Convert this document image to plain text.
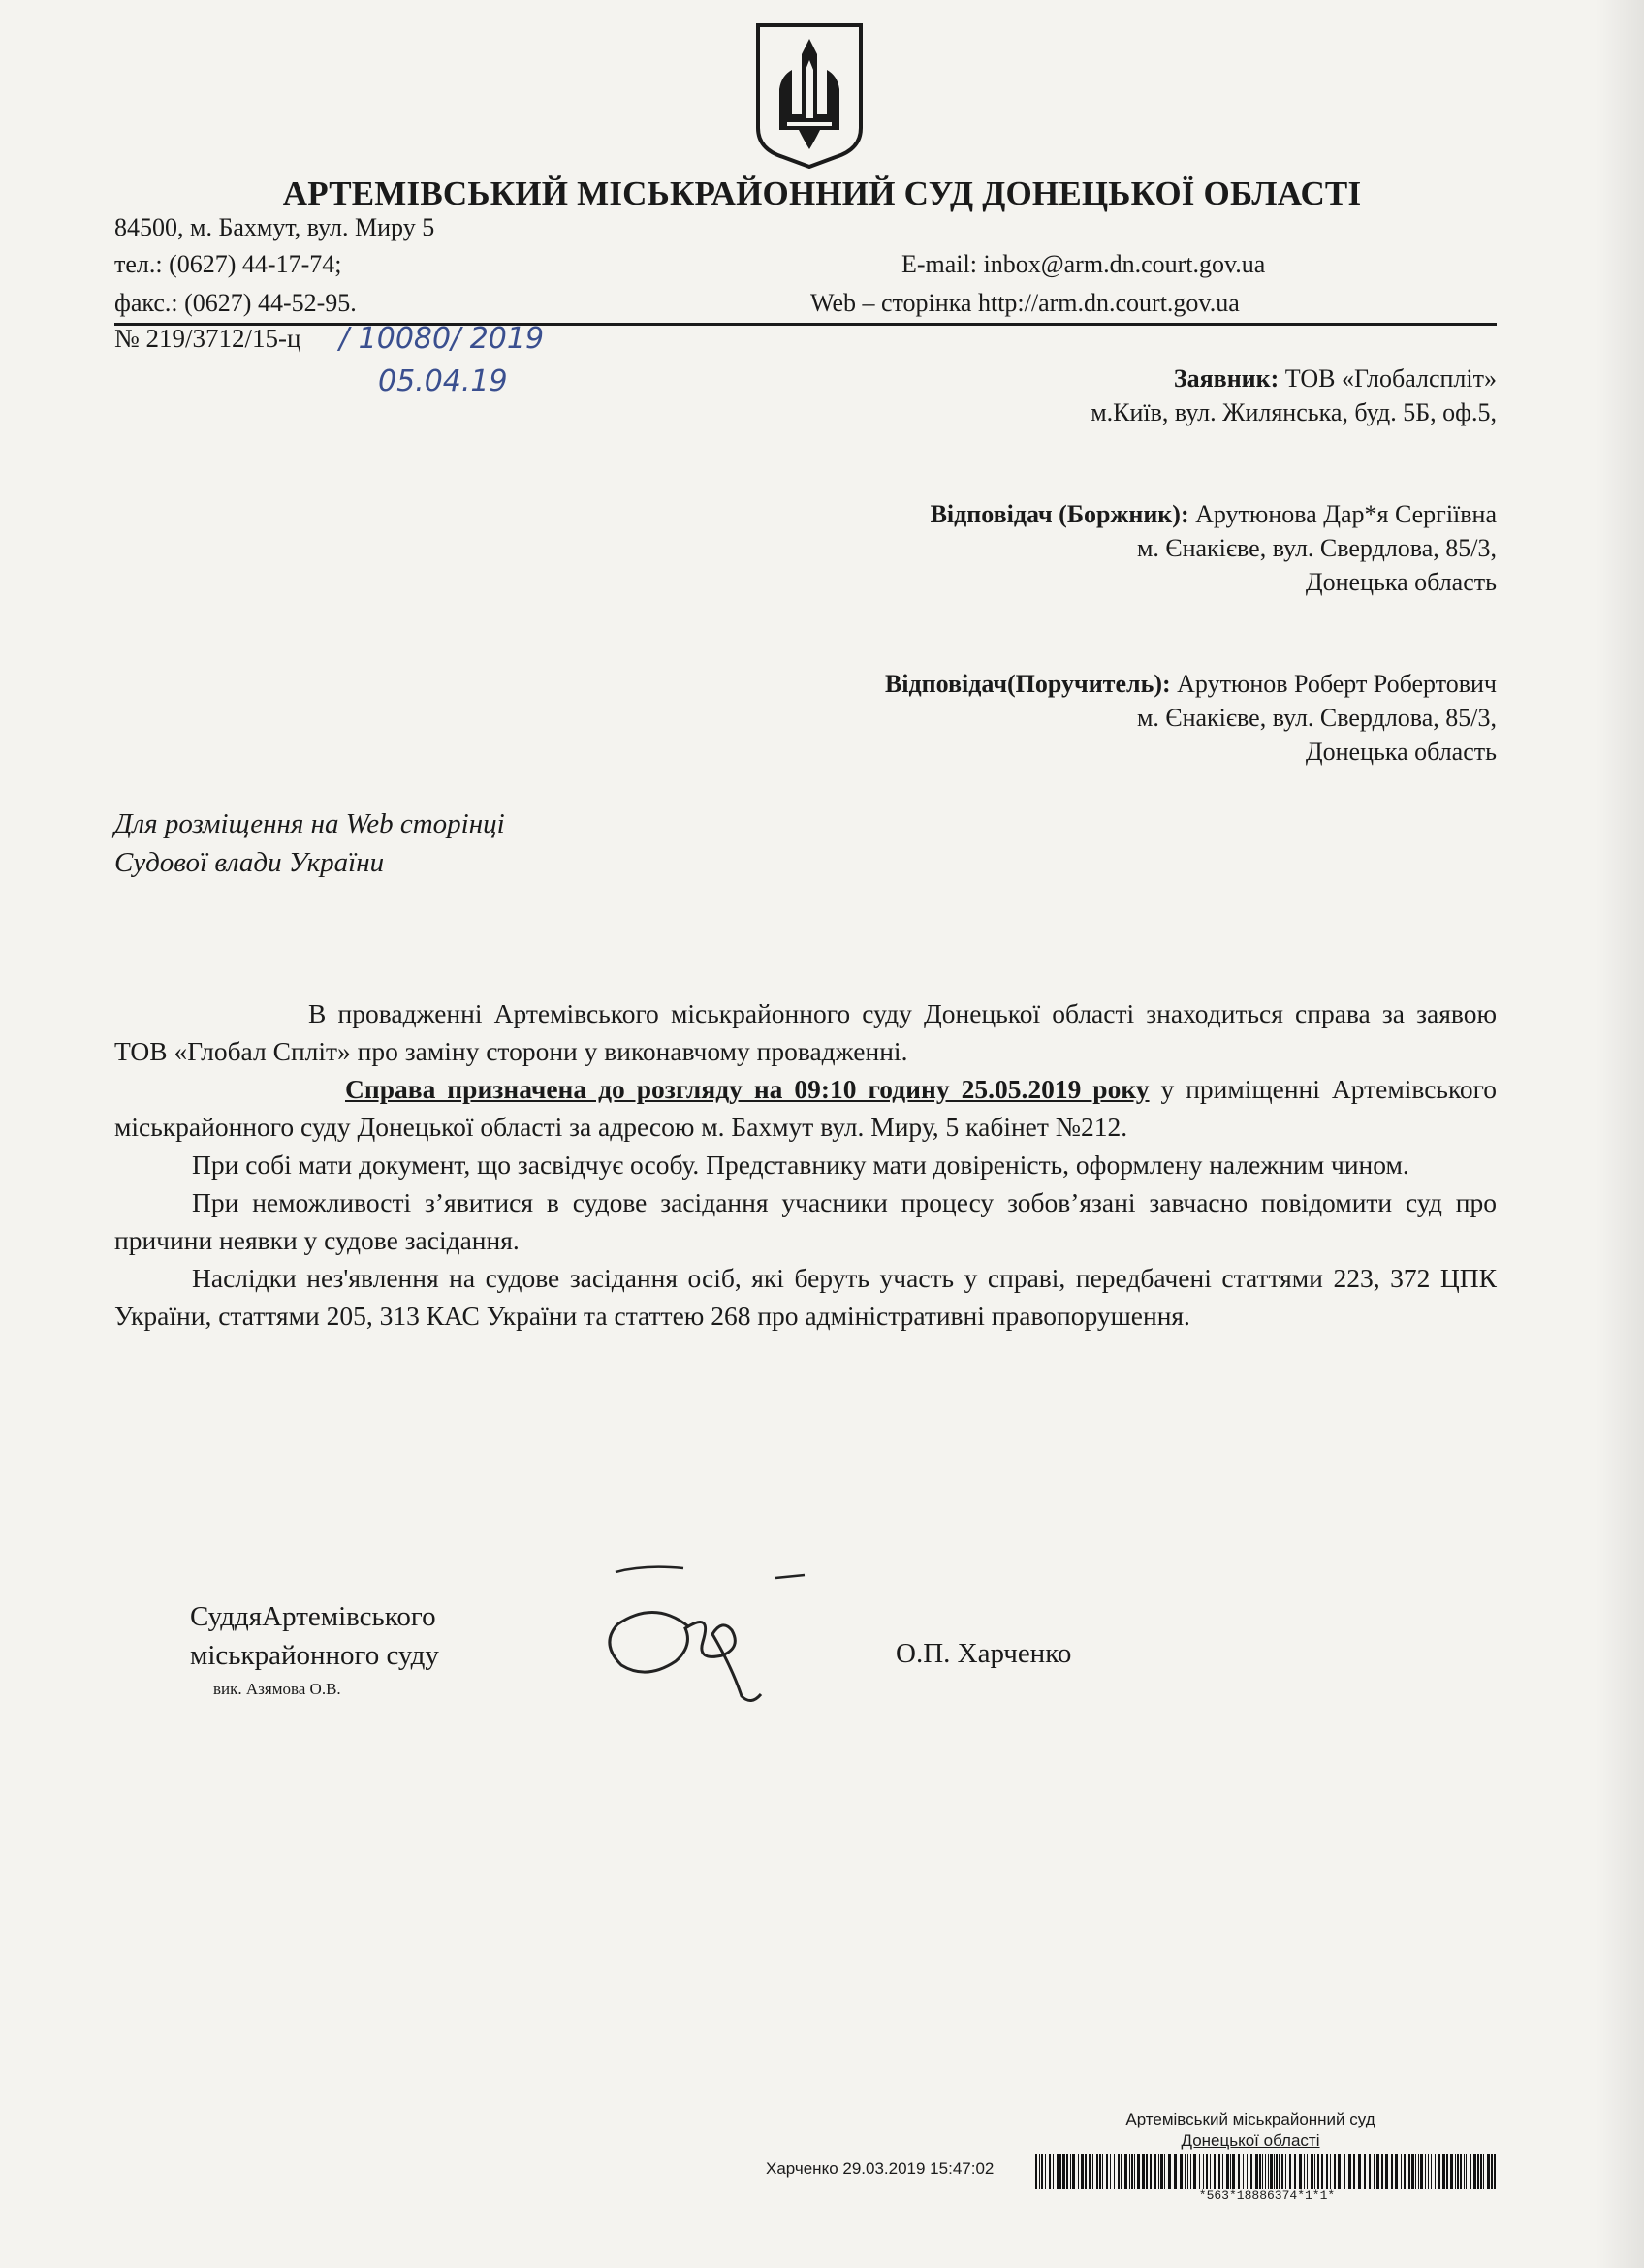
АРТЕМІВСЬКИЙ МІСЬКРАЙОННИЙ СУД ДОНЕЦЬКОЇ ОБЛАСТІ
84500, м. Бахмут, вул. Миру 5
тел.: (0627) 44-17-74;
факс.: (0627) 44-52-95.
E-mail: inbox@arm.dn.court.gov.ua
Web – сторінка http://arm.dn.court.gov.ua
№ 219/3712/15-ц / 10080/ 2019
05.04.19	Заявник: ТОВ «Глобалспліт»
м.Київ, вул. Жилянська, буд. 5Б, оф.5,
Відповідач (Боржник): Арутюнова Дар*я Сергіївна
м. Єнакієве, вул. Свердлова, 85/3,
Донецька область
Відповідач(Поручитель): Арутюнов Роберт Робертович
м. Єнакієве, вул. Свердлова, 85/3,
Донецька область
Для розміщення на Web сторінці
Судової влади України

В провадженні Артемівського міськрайонного суду Донецької області знаходиться справа за заявою ТОВ «Глобал Спліт» про заміну сторони у виконавчому провадженні.

Справа призначена до розгляду на 09:10 годину 25.05.2019 року у приміщенні Артемівського міськрайонного суду Донецької області за адресою м. Бахмут вул. Миру, 5 кабінет №212.

При собі мати документ, що засвідчує особу. Представнику мати довіреність, оформлену належним чином.

При неможливості з’явитися в судове засідання учасники процесу зобов’язані завчасно повідомити суд про причини неявки у судове засідання.

Наслідки нез'явлення на судове засідання осіб, які беруть участь у справі, передбачені статтями 223, 372 ЦПК України, статтями 205, 313 КАС України та статтею 268 про адміністративні правопорушення.

СуддяАртемівського
міськрайонного суду
вик. Азямова О.В.
О.П. Харченко
Артемівський міськрайонний суд
Донецької області
Харченко 29.03.2019 15:47:02
*563*18886374*1*1*
